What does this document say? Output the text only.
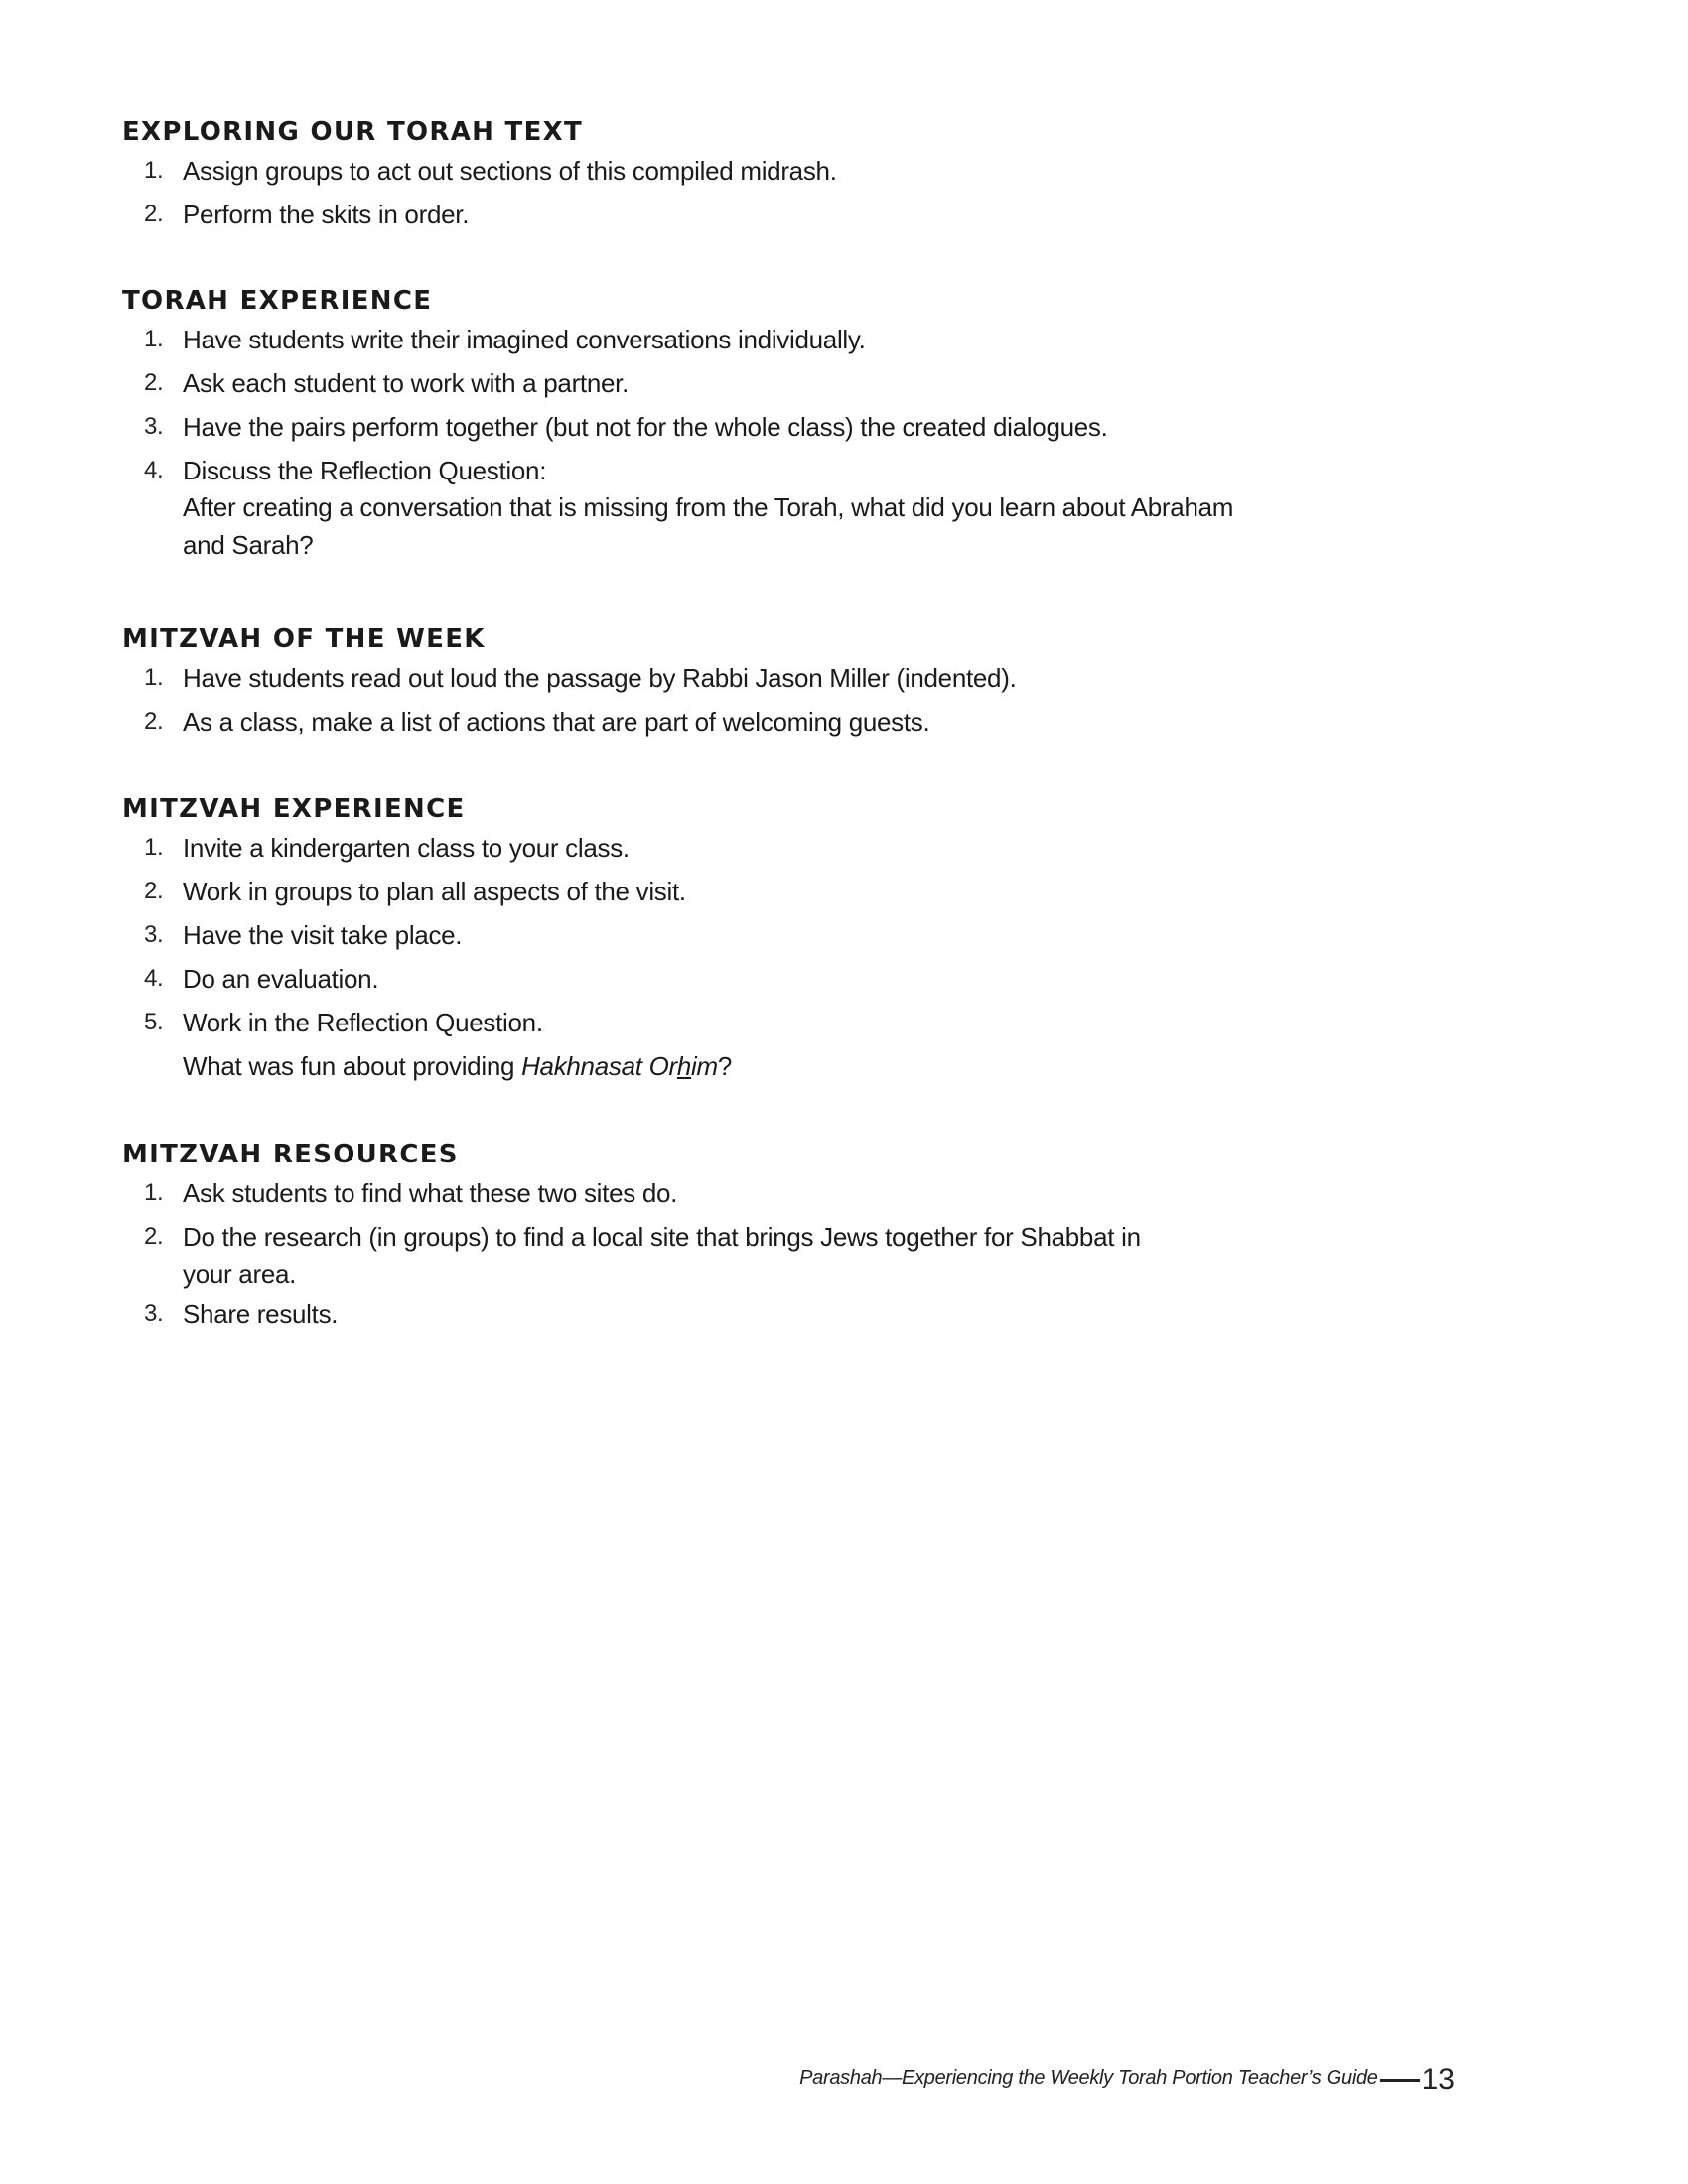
EXPLORING OUR TORAH TEXT
1. Assign groups to act out sections of this compiled midrash.
2. Perform the skits in order.
TORAH EXPERIENCE
1. Have students write their imagined conversations individually.
2. Ask each student to work with a partner.
3. Have the pairs perform together (but not for the whole class) the created dialogues.
4. Discuss the Reflection Question:
After creating a conversation that is missing from the Torah, what did you learn about Abraham and Sarah?
MITZVAH OF THE WEEK
1. Have students read out loud the passage by Rabbi Jason Miller (indented).
2. As a class, make a list of actions that are part of welcoming guests.
MITZVAH EXPERIENCE
1. Invite a kindergarten class to your class.
2. Work in groups to plan all aspects of the visit.
3. Have the visit take place.
4. Do an evaluation.
5. Work in the Reflection Question.
What was fun about providing Hakhnasat Orhim?
MITZVAH RESOURCES
1. Ask students to find what these two sites do.
2. Do the research (in groups) to find a local site that brings Jews together for Shabbat in
your area.
3. Share results.
Parashah—Experiencing the Weekly Torah Portion Teacher’s Guide 13
